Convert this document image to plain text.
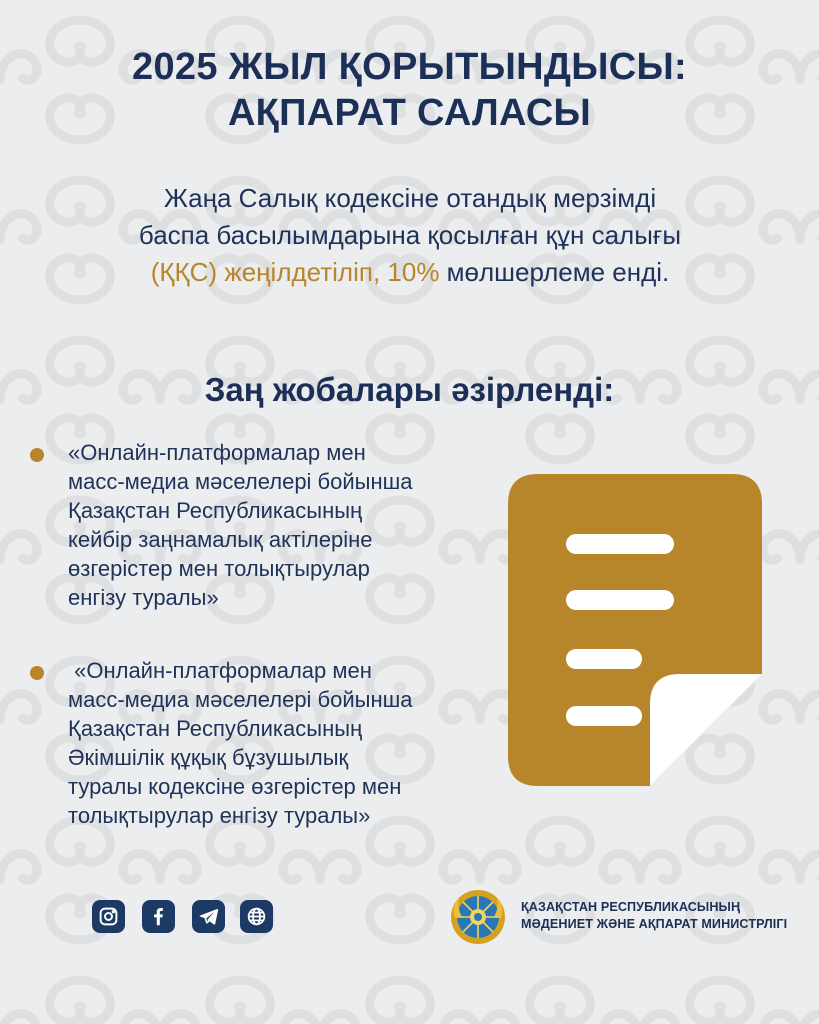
2025 ЖЫЛ ҚОРЫТЫНДЫСЫ:
АҚПАРАТ САЛАСЫ
Жаңа Салық кодексіне отандық мерзімді
баспа басылымдарына қосылған құн салығы
(ҚҚС) жеңілдетіліп, 10% мөлшерлеме енді.
Заң жобалары әзірленді:
«Онлайн-платформалар мен
масс-медиа мәселелері бойынша
Қазақстан Республикасының
кейбір заңнамалық актілеріне
өзгерістер мен толықтырулар
енгізу туралы»
«Онлайн-платформалар мен
масс-медиа мәселелері бойынша
Қазақстан Республикасының
Әкімшілік құқық бұзушылық
туралы кодексіне өзгерістер мен
толықтырулар енгізу туралы»
ҚАЗАҚСТАН РЕСПУБЛИКАСЫНЫҢ
МӘДЕНИЕТ ЖӘНЕ АҚПАРАТ МИНИСТРЛІГІ
